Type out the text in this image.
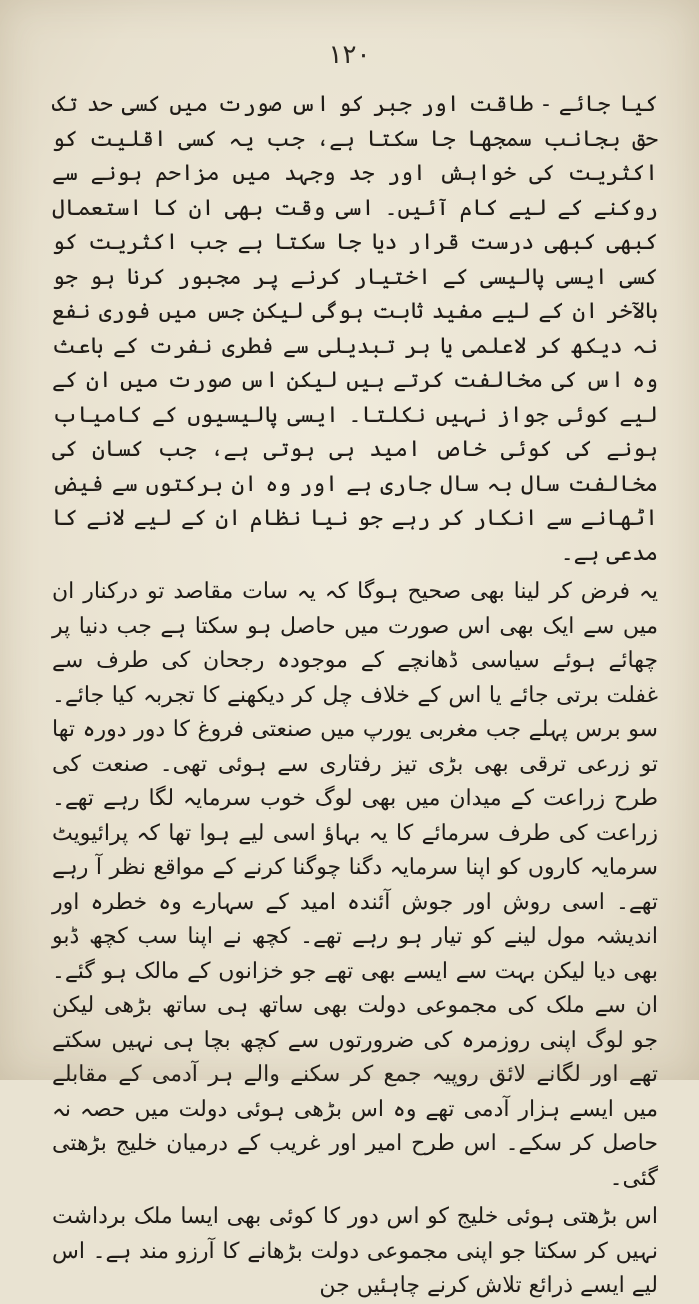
۱۲۰

کیا جائے - طاقت اور جبر کو اس صورت میں کسی حد تک حق بجانب سمجھا جا سکتا ہے، جب یہ کسی اقلیت کو اکثریت کی خواہش اور جد وجہد میں مزاحم ہونے سے روکنے کے لیے کام آئیں۔ اسی وقت بھی ان کا استعمال کبھی کبھی درست قرار دیا جا سکتا ہے جب اکثریت کو کسی ایسی پالیسی کے اختیار کرنے پر مجبور کرنا ہو جو بالآخر ان کے لیے مفید ثابت ہوگی لیکن جس میں فوری نفع نہ دیکھ کر لاعلمی یا ہر تبدیلی سے فطری نفرت کے باعث وہ اس کی مخالفت کرتے ہیں لیکن اس صورت میں ان کے لیے کوئی جواز نہیں نکلتا۔ ایسی پالیسیوں کے کامیاب ہونے کی کوئی خاص امید ہی ہوتی ہے، جب کسان کی مخالفت سال بہ سال جاری ہے اور وہ ان برکتوں سے فیض اٹھانے سے انکار کر رہے جو نیا نظام ان کے لیے لانے کا مدعی ہے۔

یہ فرض کر لینا بھی صحیح ہوگا کہ یہ سات مقاصد تو درکنار ان میں سے ایک بھی اس صورت میں حاصل ہو سکتا ہے جب دنیا پر چھائے ہوئے سیاسی ڈھانچے کے موجودہ رجحان کی طرف سے غفلت برتی جائے یا اس کے خلاف چل کر دیکھنے کا تجربہ کیا جائے۔ سو برس پہلے جب مغربی یورپ میں صنعتی فروغ کا دور دورہ تھا تو زرعی ترقی بھی بڑی تیز رفتاری سے ہوئی تھی۔ صنعت کی طرح زراعت کے میدان میں بھی لوگ خوب سرمایہ لگا رہے تھے۔ زراعت کی طرف سرمائے کا یہ بہاؤ اسی لیے ہوا تھا کہ پرائیویٹ سرمایہ کاروں کو اپنا سرمایہ دگنا چوگنا کرنے کے مواقع نظر آ رہے تھے۔ اسی روش اور جوش آئندہ امید کے سہارے وہ خطرہ اور اندیشہ مول لینے کو تیار ہو رہے تھے۔ کچھ نے اپنا سب کچھ ڈبو بھی دیا لیکن بہت سے ایسے بھی تھے جو خزانوں کے مالک ہو گئے۔ ان سے ملک کی مجموعی دولت بھی ساتھ ہی ساتھ بڑھی لیکن جو لوگ اپنی روزمرہ کی ضرورتوں سے کچھ بچا ہی نہیں سکتے تھے اور لگانے لائق روپیہ جمع کر سکنے والے ہر آدمی کے مقابلے میں ایسے ہزار آدمی تھے وہ اس بڑھی ہوئی دولت میں حصہ نہ حاصل کر سکے۔ اس طرح امیر اور غریب کے درمیان خلیج بڑھتی گئی۔

اس بڑھتی ہوئی خلیج کو اس دور کا کوئی بھی ایسا ملک برداشت نہیں کر سکتا جو اپنی مجموعی دولت بڑھانے کا آرزو مند ہے۔ اس لیے ایسے ذرائع تلاش کرنے چاہئیں جن
